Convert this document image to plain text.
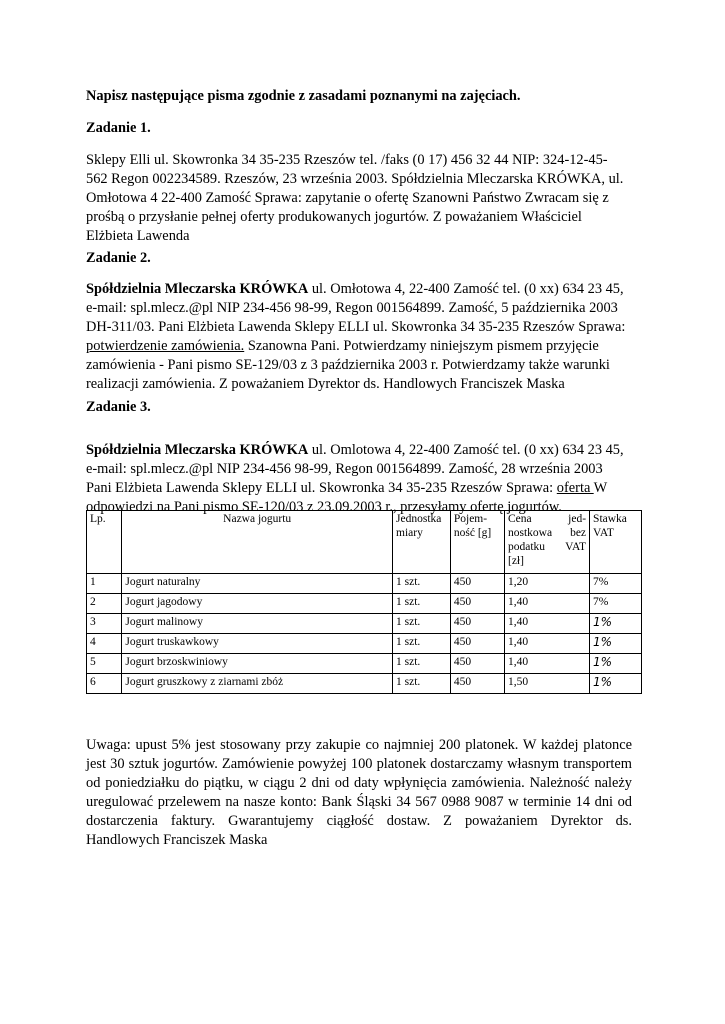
Napisz następujące pisma zgodnie z zasadami poznanymi na zajęciach.

Zadanie 1.

Sklepy Elli ul. Skowronka 34 35-235 Rzeszów tel. /faks (0 17) 456 32 44 NIP: 324-12-45-562 Regon 002234589. Rzeszów, 23 września 2003. Spółdzielnia Mleczarska KRÓWKA, ul. Omłotowa 4 22-400 Zamość Sprawa: zapytanie o ofertę Szanowni Państwo Zwracam się z prośbą o przysłanie pełnej oferty produkowanych jogurtów. Z poważaniem Właściciel Elżbieta Lawenda

Zadanie 2.

Spółdzielnia Mleczarska KRÓWKA ul. Omłotowa 4, 22-400 Zamość tel. (0 xx) 634 23 45, e-mail: spl.mlecz.@pl NIP 234-456 98-99, Regon 001564899. Zamość, 5 października 2003 DH-311/03. Pani Elżbieta Lawenda Sklepy ELLI ul. Skowronka 34 35-235 Rzeszów Sprawa: potwierdzenie zamówienia. Szanowna Pani. Potwierdzamy niniejszym pismem przyjęcie zamówienia - Pani pismo SE-129/03 z 3 października 2003 r. Potwierdzamy także warunki realizacji zamówienia. Z poważaniem Dyrektor ds. Handlowych Franciszek Maska

Zadanie 3.

Spółdzielnia Mleczarska KRÓWKA ul. Omlotowa 4, 22-400 Zamość tel. (0 xx) 634 23 45, e-mail: spl.mlecz.@pl NIP 234-456 98-99, Regon 001564899. Zamość, 28 września 2003 Pani Elżbieta Lawenda Sklepy ELLI ul. Skowronka 34 35-235 Rzeszów Sprawa: oferta W odpowiedzi na Pani pismo SE-120/03 z 23.09.2003 r., przesyłamy ofertę jogurtów.

Lp.	Nazwa jogurtu	Jednostka miary	Pojem-ność [g]	Cena jed-nostkowa bez podatku VAT [zł]	Stawka VAT
1	Jogurt naturalny	1 szt.	450	1,20	7%
2	Jogurt jagodowy	1 szt.	450	1,40	7%
3	Jogurt malinowy	1 szt.	450	1,40	1%
4	Jogurt truskawkowy	1 szt.	450	1,40	1%
5	Jogurt brzoskwiniowy	1 szt.	450	1,40	1%
6	Jogurt gruszkowy z ziarnami zbóż	1 szt.	450	1,50	1%

Uwaga: upust 5% jest stosowany przy zakupie co najmniej 200 platonek. W każdej platonce jest 30 sztuk jogurtów. Zamówienie powyżej 100 platonek dostarczamy własnym transportem od poniedziałku do piątku, w ciągu 2 dni od daty wpłynięcia zamówienia. Należność należy uregulować przelewem na nasze konto: Bank Śląski 34 567 0988 9087 w terminie 14 dni od dostarczenia faktury. Gwarantujemy ciągłość dostaw. Z poważaniem Dyrektor ds. Handlowych Franciszek Maska
